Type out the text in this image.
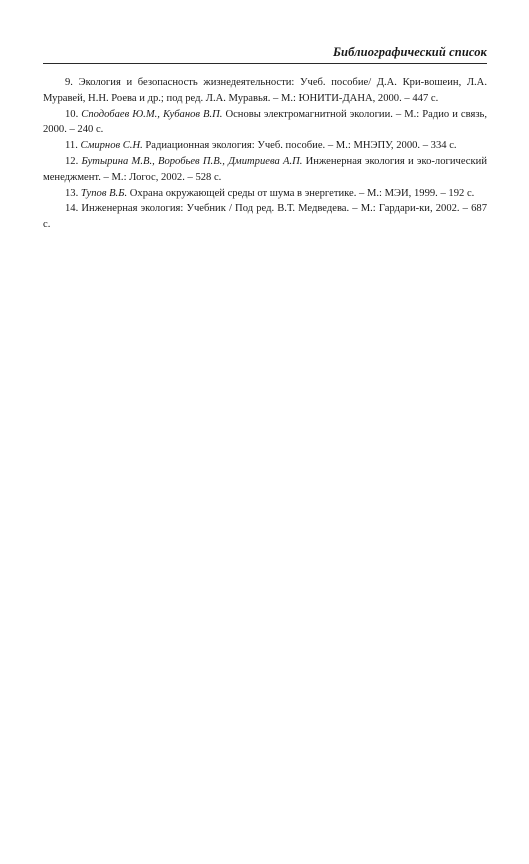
Библиографический список
9. Экология и безопасность жизнедеятельности: Учеб. пособие/ Д.А. Кри-вошеин, Л.А. Муравей, Н.Н. Роева и др.; под ред. Л.А. Муравья. – М.: ЮНИТИ-ДАНА, 2000. – 447 с.
10. Сподобаев Ю.М., Кубанов В.П. Основы электромагнитной экологии. – М.: Радио и связь, 2000. – 240 с.
11. Смирнов С.Н. Радиационная экология: Учеб. пособие. – М.: МНЭПУ, 2000. – 334 с.
12. Бутырина М.В., Воробьев П.В., Дмитриева А.П. Инженерная экология и эко-логический менеджмент. – М.: Логос, 2002. – 528 с.
13. Тупов В.Б. Охрана окружающей среды от шума в энергетике. – М.: МЭИ, 1999. – 192 с.
14. Инженерная экология: Учебник / Под ред. В.Т. Медведева. – М.: Гардари-ки, 2002. – 687 с.
